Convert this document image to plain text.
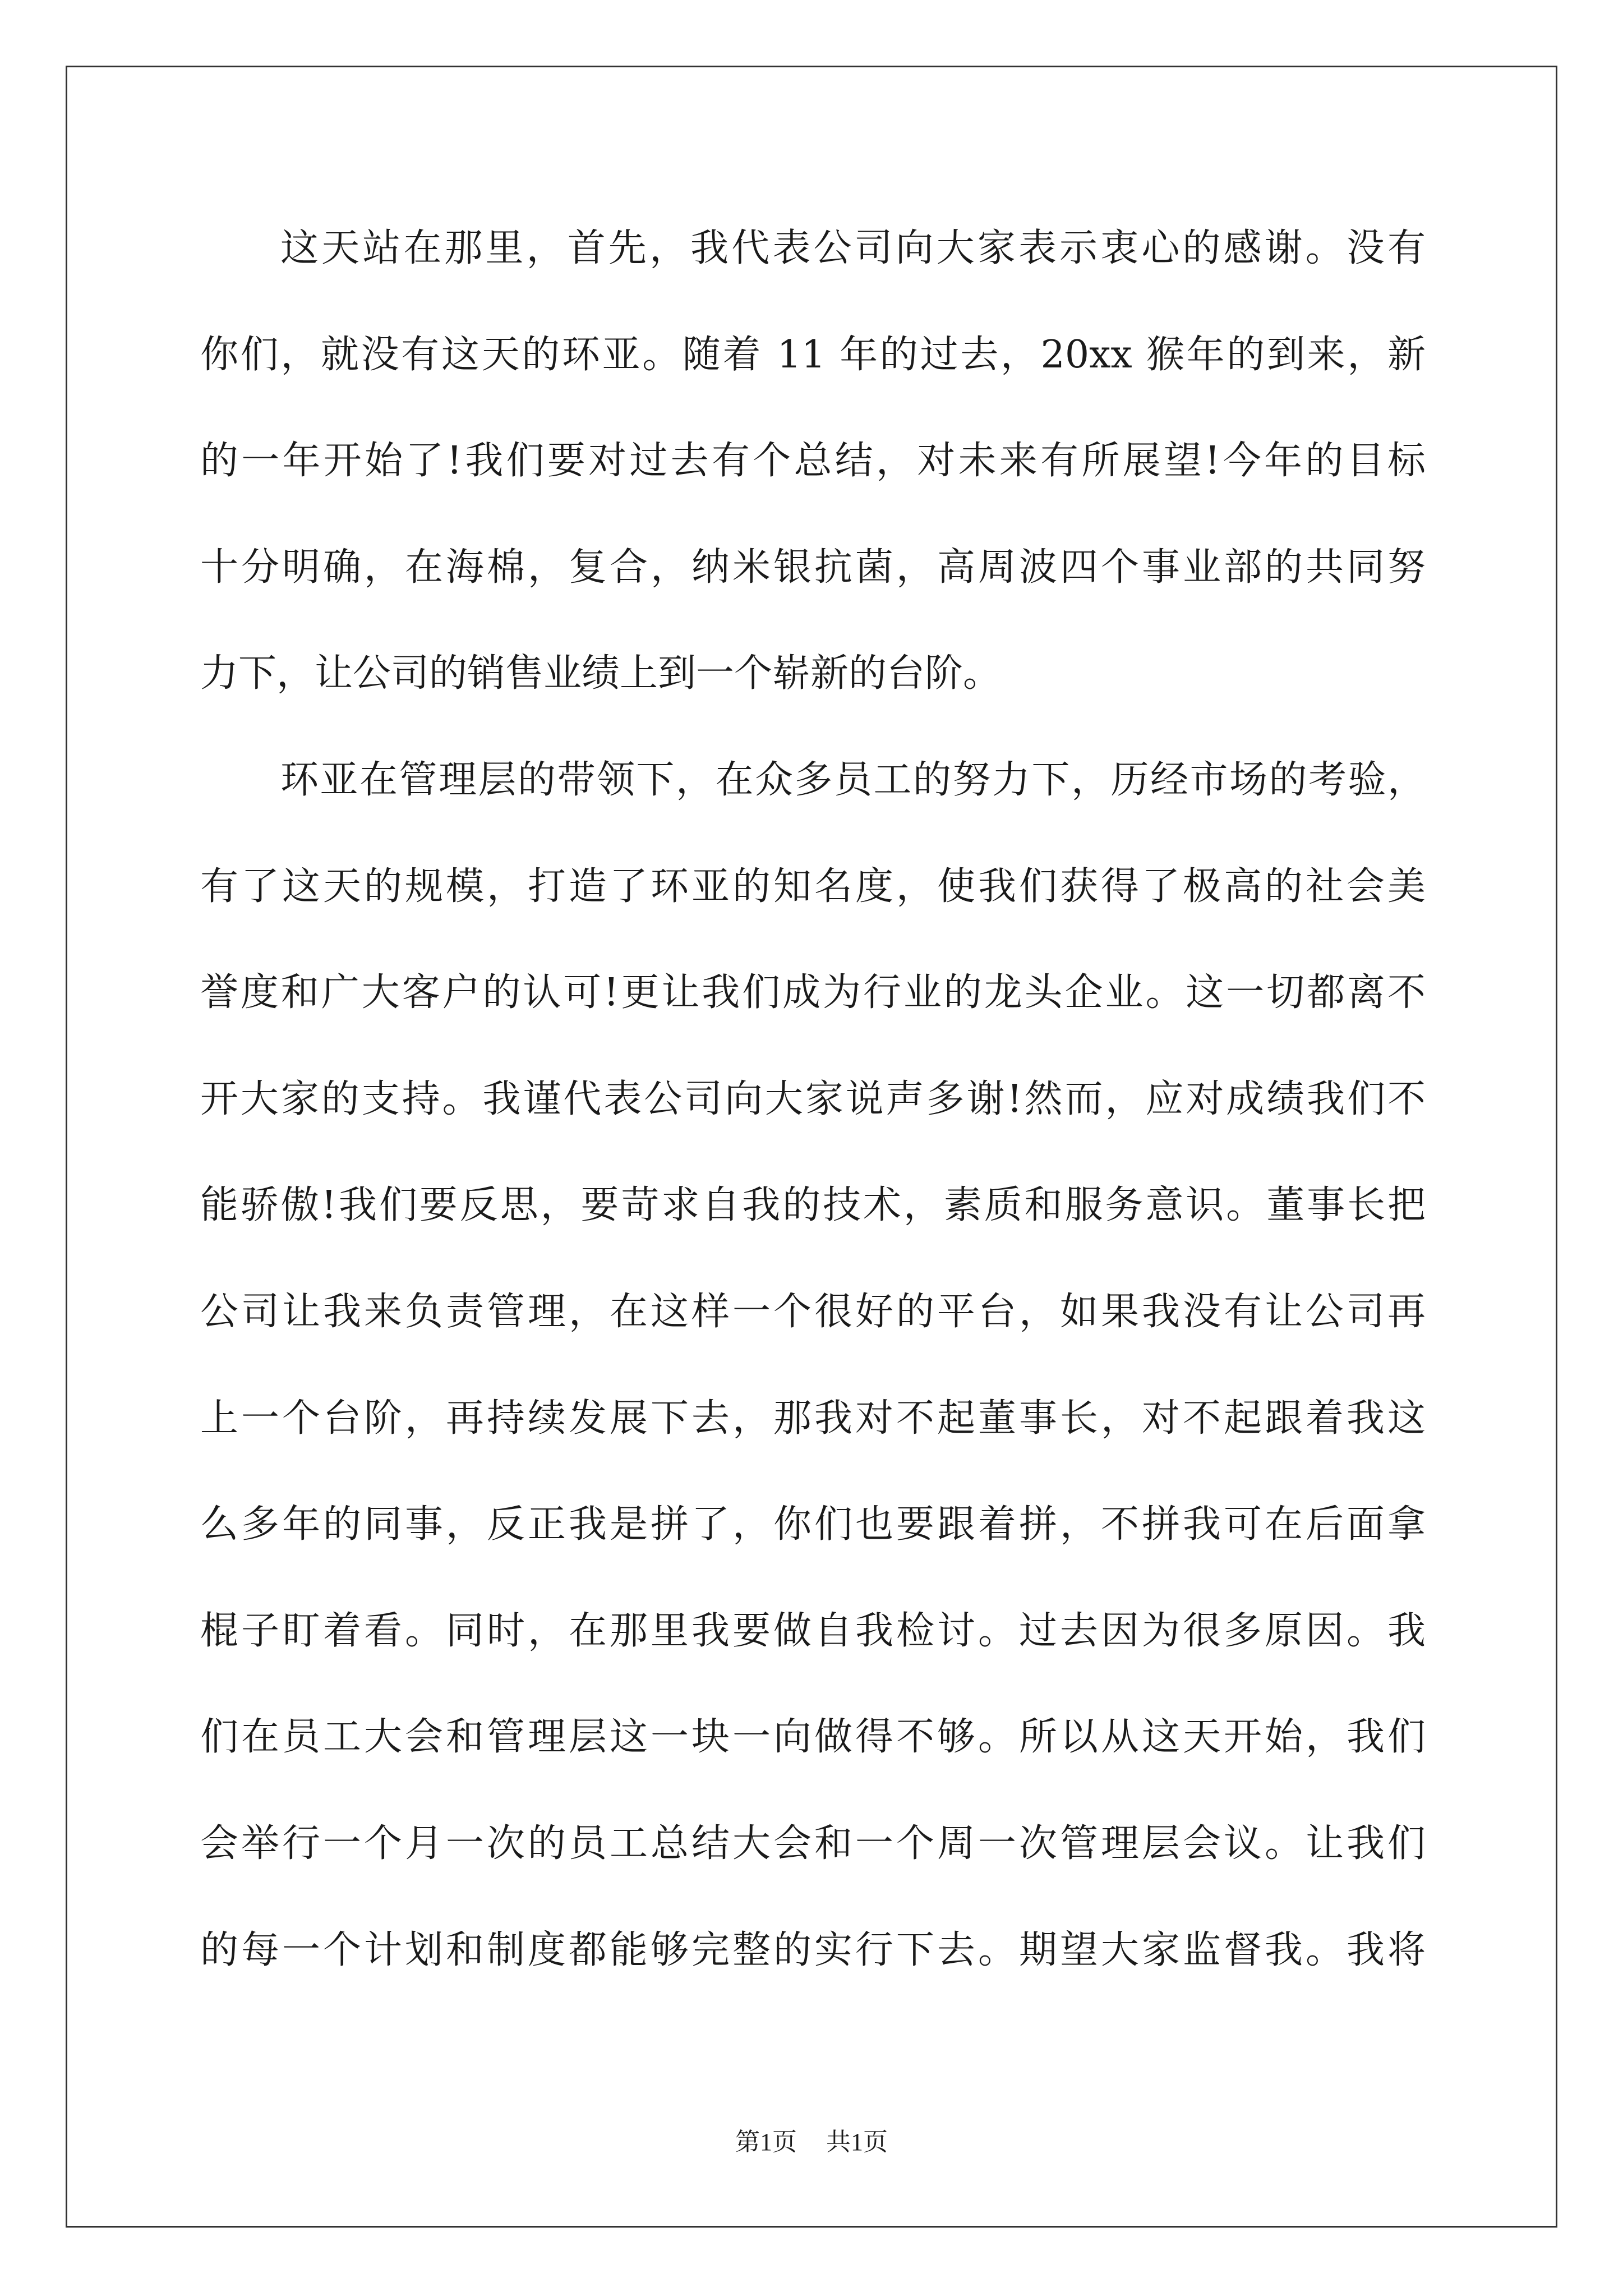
这天站在那里，首先，我代表公司向大家表示衷心的感谢。没有
你们，就没有这天的环亚。随着 11 年的过去，20xx 猴年的到来，新
的一年开始了!我们要对过去有个总结，对未来有所展望!今年的目标
十分明确，在海棉，复合，纳米银抗菌，高周波四个事业部的共同努
力下，让公司的销售业绩上到一个崭新的台阶。
环亚在管理层的带领下，在众多员工的努力下，历经市场的考验，
有了这天的规模，打造了环亚的知名度，使我们获得了极高的社会美
誉度和广大客户的认可!更让我们成为行业的龙头企业。这一切都离不
开大家的支持。我谨代表公司向大家说声多谢!然而，应对成绩我们不
能骄傲!我们要反思，要苛求自我的技术，素质和服务意识。董事长把
公司让我来负责管理，在这样一个很好的平台，如果我没有让公司再
上一个台阶，再持续发展下去，那我对不起董事长，对不起跟着我这
么多年的同事，反正我是拼了，你们也要跟着拼，不拼我可在后面拿
棍子盯着看。同时，在那里我要做自我检讨。过去因为很多原因。我
们在员工大会和管理层这一块一向做得不够。所以从这天开始，我们
会举行一个月一次的员工总结大会和一个周一次管理层会议。让我们
的每一个计划和制度都能够完整的实行下去。期望大家监督我。我将
第1页 共1页
